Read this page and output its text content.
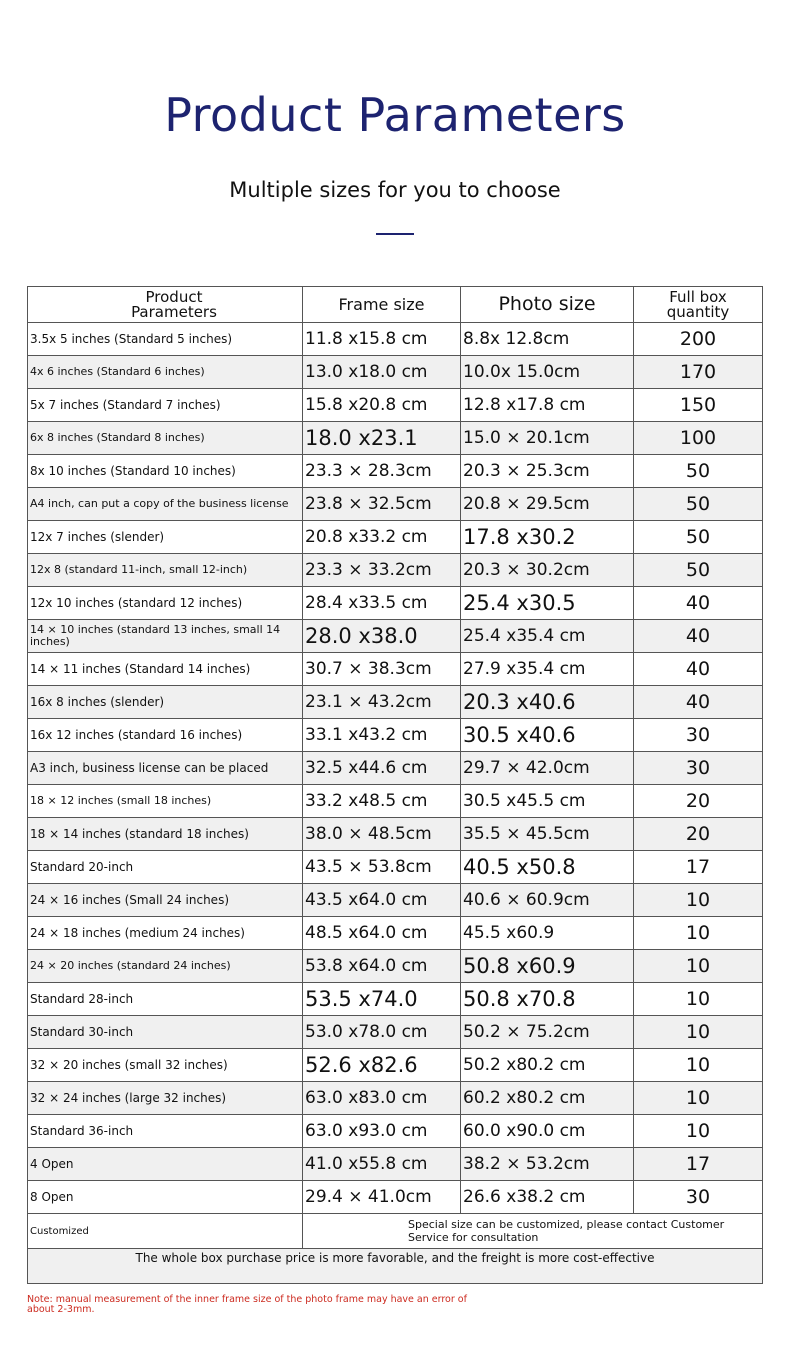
Product Parameters
Multiple sizes for you to choose
Product Parameters	Frame size	Photo size	Full box quantity
3.5x 5 inches (Standard 5 inches)	11.8 x15.8 cm	8.8x 12.8cm	200
4x 6 inches (Standard 6 inches)	13.0 x18.0 cm	10.0x 15.0cm	170
5x 7 inches (Standard 7 inches)	15.8 x20.8 cm	12.8 x17.8 cm	150
6x 8 inches (Standard 8 inches)	18.0 x23.1	15.0 × 20.1cm	100
8x 10 inches (Standard 10 inches)	23.3 × 28.3cm	20.3 × 25.3cm	50
A4 inch, can put a copy of the business license	23.8 × 32.5cm	20.8 × 29.5cm	50
12x 7 inches (slender)	20.8 x33.2 cm	17.8 x30.2	50
12x 8 (standard 11-inch, small 12-inch)	23.3 × 33.2cm	20.3 × 30.2cm	50
12x 10 inches (standard 12 inches)	28.4 x33.5 cm	25.4 x30.5	40
14 × 10 inches (standard 13 inches, small 14 inches)	28.0 x38.0	25.4 x35.4 cm	40
14 × 11 inches (Standard 14 inches)	30.7 × 38.3cm	27.9 x35.4 cm	40
16x 8 inches (slender)	23.1 × 43.2cm	20.3 x40.6	40
16x 12 inches (standard 16 inches)	33.1 x43.2 cm	30.5 x40.6	30
A3 inch, business license can be placed	32.5 x44.6 cm	29.7 × 42.0cm	30
18 × 12 inches (small 18 inches)	33.2 x48.5 cm	30.5 x45.5 cm	20
18 × 14 inches (standard 18 inches)	38.0 × 48.5cm	35.5 × 45.5cm	20
Standard 20-inch	43.5 × 53.8cm	40.5 x50.8	17
24 × 16 inches (Small 24 inches)	43.5 x64.0 cm	40.6 × 60.9cm	10
24 × 18 inches (medium 24 inches)	48.5 x64.0 cm	45.5 x60.9	10
24 × 20 inches (standard 24 inches)	53.8 x64.0 cm	50.8 x60.9	10
Standard 28-inch	53.5 x74.0	50.8 x70.8	10
Standard 30-inch	53.0 x78.0 cm	50.2 × 75.2cm	10
32 × 20 inches (small 32 inches)	52.6 x82.6	50.2 x80.2 cm	10
32 × 24 inches (large 32 inches)	63.0 x83.0 cm	60.2 x80.2 cm	10
Standard 36-inch	63.0 x93.0 cm	60.0 x90.0 cm	10
4 Open	41.0 x55.8 cm	38.2 × 53.2cm	17
8 Open	29.4 × 41.0cm	26.6 x38.2 cm	30
Customized	Special size can be customized, please contact Customer Service for consultation		
The whole box purchase price is more favorable, and the freight is more cost-effective			
Note: manual measurement of the inner frame size of the photo frame may have an error of about 2-3mm.
